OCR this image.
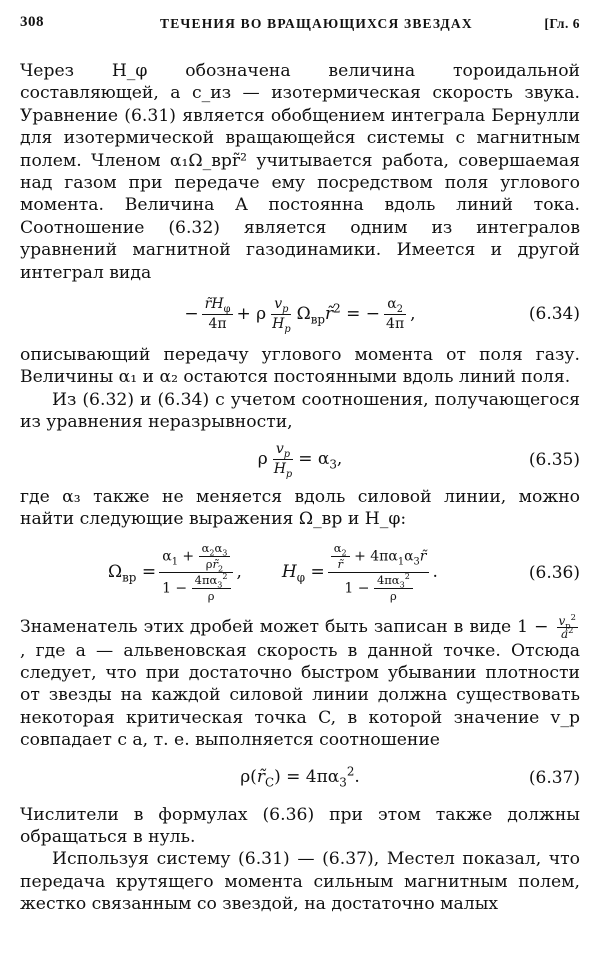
308	ТЕЧЕНИЯ ВО ВРАЩАЮЩИХСЯ ЗВЕЗДАХ	[Гл. 6

Через H_φ обозначена величина тороидальной составляющей, а c_из — изотермическая скорость звука. Уравнение (6.31) является обобщением интеграла Бернулли для изотермической вращающейся системы с магнитным полем. Членом α₁Ω_врr̃² учитывается работа, совершаемая над газом при передаче ему посредством поля углового момента. Величина A постоянна вдоль линий тока. Соотношение (6.32) является одним из интегралов уравнений магнитной газодинамики. Имеется и другой интеграл вида

− $\frac{r̃H_\varphi}{4\pi} + \rho \frac{v_p}{H_p}$ $\Omega_{вр}r̃^2$ = − $\frac{\alpha_2}{4\pi}$ ,	(6.34)

описывающий передачу углового момента от поля газу. Величины α₁ и α₂ остаются постоянными вдоль линий поля.

Из (6.32) и (6.34) с учетом соотношения, получающегося из уравнения неразрывности,

ρ $\frac{v_p}{H_p} = \alpha_3$,	(6.35)

где α₃ также не меняется вдоль силовой линии, можно найти следующие выражения Ω_вр и H_φ:

$\Omega_{вр} = \frac{\alpha_1 + \frac{\alpha_2\alpha_3}{\rho r̃_2}}{1 - \frac{4\pi\alpha_3^2}{\rho}}$ , $H_\varphi = \frac{\frac{\alpha_2}{r̃} + 4\pi\alpha_1\alpha_3r̃}{1 - \frac{4\pi\alpha_3^2}{\rho}}$ .	(6.36)

Знаменатель этих дробей может быть записан в виде $1 - \frac{v_p^2}{a^2}$
, где a — альвеновская скорость в данной точке. Отсюда следует, что при достаточно быстром убывании плотности от звезды на каждой силовой линии должна существовать некоторая критическая точка C, в которой значение v_p совпадает с a, т. е. выполняется соотношение

$\rho(r̃_C) = 4\pi\alpha_3^2$.	(6.37)

Числители в формулах (6.36) при этом также должны обращаться в нуль.

Используя систему (6.31) — (6.37), Местел показал, что передача крутящего момента сильным магнитным полем, жестко связанным со звездой, на достаточно малых
